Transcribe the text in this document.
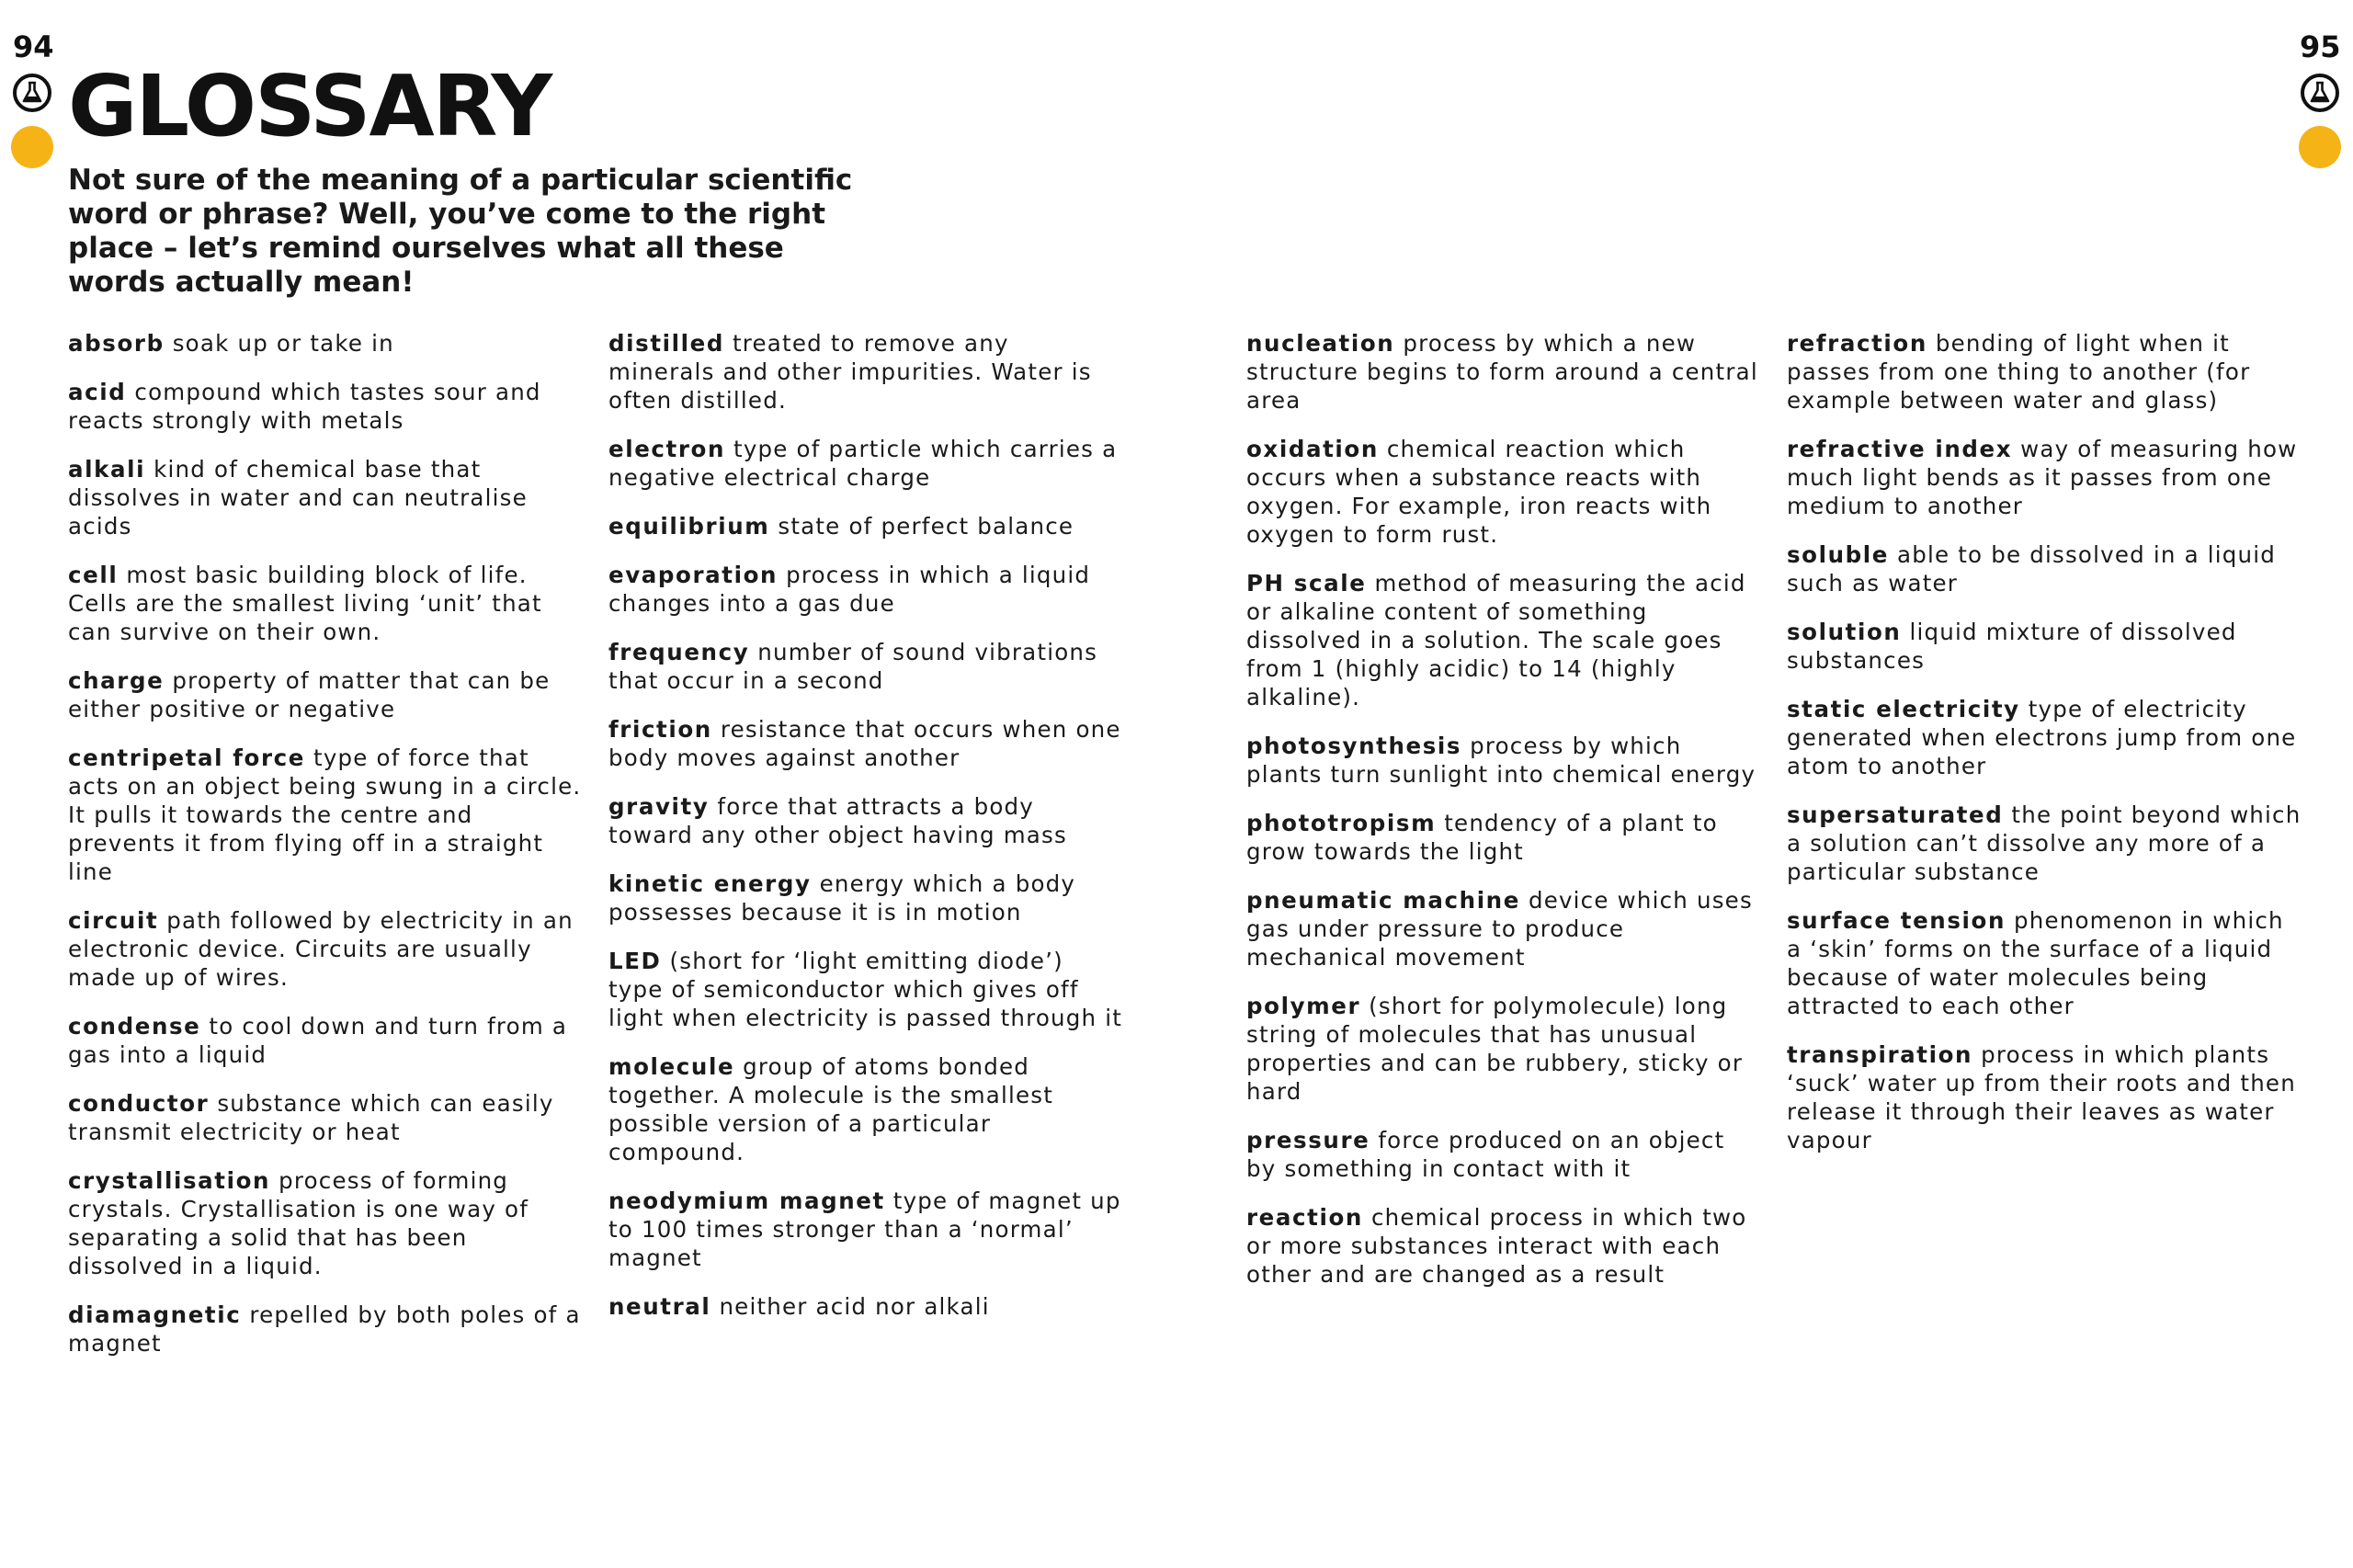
94	95
GLOSSARY

Not sure of the meaning of a particular scientific word or phrase? Well, you’ve come to the right place – let’s remind ourselves what all these words actually mean!

absorb soak up or take in

acid compound which tastes sour and reacts strongly with metals

alkali kind of chemical base that dissolves in water and can neutralise acids

cell most basic building block of life. Cells are the smallest living ‘unit’ that can survive on their own.

charge property of matter that can be either positive or negative

centripetal force type of force that acts on an object being swung in a circle. It pulls it towards the centre and prevents it from flying off in a straight line

circuit path followed by electricity in an electronic device. Circuits are usually made up of wires.

condense to cool down and turn from a gas into a liquid

conductor substance which can easily transmit electricity or heat

crystallisation process of forming crystals. Crystallisation is one way of separating a solid that has been dissolved in a liquid.

diamagnetic repelled by both poles of a magnet

distilled treated to remove any minerals and other impurities. Water is often distilled.

electron type of particle which carries a negative electrical charge

equilibrium state of perfect balance

evaporation process in which a liquid changes into a gas due

frequency number of sound vibrations that occur in a second

friction resistance that occurs when one body moves against another

gravity force that attracts a body toward any other object having mass

kinetic energy energy which a body possesses because it is in motion

LED (short for ‘light emitting diode’) type of semiconductor which gives off light when electricity is passed through it

molecule group of atoms bonded together. A molecule is the smallest possible version of a particular compound.

neodymium magnet type of magnet up to 100 times stronger than a ‘normal’ magnet

neutral neither acid nor alkali

nucleation process by which a new structure begins to form around a central area

oxidation chemical reaction which occurs when a substance reacts with oxygen. For example, iron reacts with oxygen to form rust.

PH scale method of measuring the acid or alkaline content of something dissolved in a solution. The scale goes from 1 (highly acidic) to 14 (highly alkaline).

photosynthesis process by which plants turn sunlight into chemical energy

phototropism tendency of a plant to grow towards the light

pneumatic machine device which uses gas under pressure to produce mechanical movement

polymer (short for polymolecule) long string of molecules that has unusual properties and can be rubbery, sticky or hard

pressure force produced on an object by something in contact with it

reaction chemical process in which two or more substances interact with each other and are changed as a result

refraction bending of light when it passes from one thing to another (for example between water and glass)

refractive index way of measuring how much light bends as it passes from one medium to another

soluble able to be dissolved in a liquid such as water

solution liquid mixture of dissolved substances

static electricity type of electricity generated when electrons jump from one atom to another

supersaturated the point beyond which a solution can’t dissolve any more of a particular substance

surface tension phenomenon in which a ‘skin’ forms on the surface of a liquid because of water molecules being attracted to each other

transpiration process in which plants ‘suck’ water up from their roots and then release it through their leaves as water vapour
